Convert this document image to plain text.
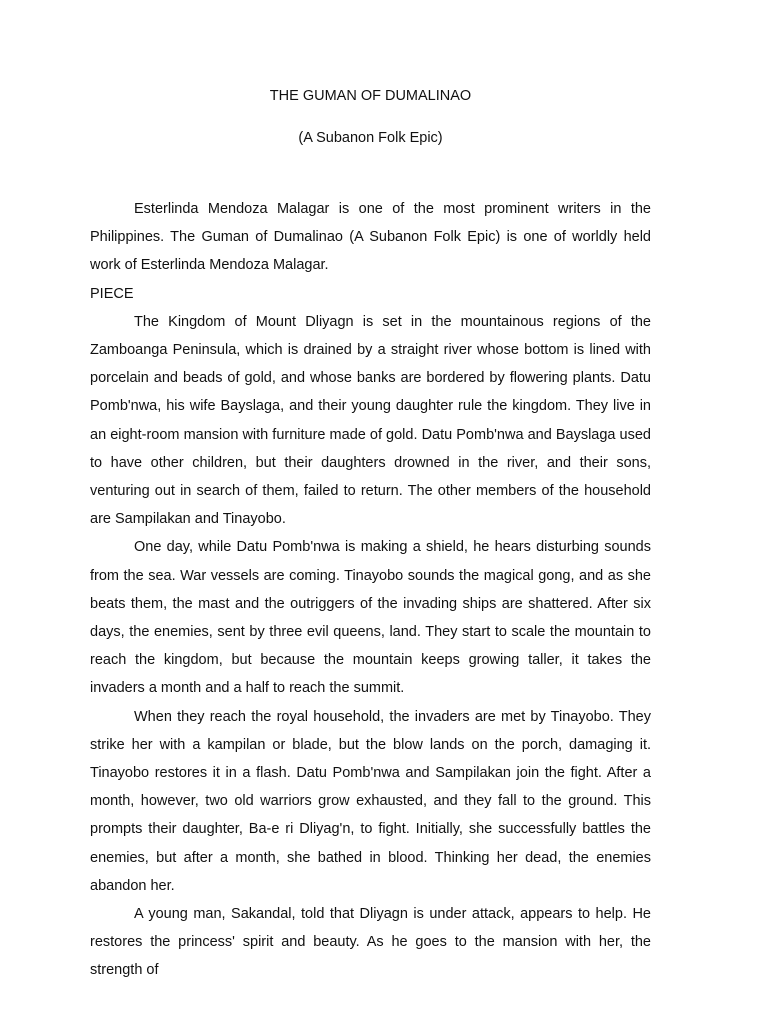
THE GUMAN OF DUMALINAO
(A Subanon Folk Epic)

Esterlinda Mendoza Malagar is one of the most prominent writers in the Philippines. The Guman of Dumalinao (A Subanon Folk Epic) is one of worldly held work of Esterlinda Mendoza Malagar.

PIECE

The Kingdom of Mount Dliyagn is set in the mountainous regions of the Zamboanga Peninsula, which is drained by a straight river whose bottom is lined with porcelain and beads of gold, and whose banks are bordered by flowering plants. Datu Pomb'nwa, his wife Bayslaga, and their young daughter rule the kingdom. They live in an eight-room mansion with furniture made of gold. Datu Pomb'nwa and Bayslaga used to have other children, but their daughters drowned in the river, and their sons, venturing out in search of them, failed to return. The other members of the household are Sampilakan and Tinayobo.

One day, while Datu Pomb'nwa is making a shield, he hears disturbing sounds from the sea. War vessels are coming. Tinayobo sounds the magical gong, and as she beats them, the mast and the outriggers of the invading ships are shattered. After six days, the enemies, sent by three evil queens, land. They start to scale the mountain to reach the kingdom, but because the mountain keeps growing taller, it takes the invaders a month and a half to reach the summit.

When they reach the royal household, the invaders are met by Tinayobo. They strike her with a kampilan or blade, but the blow lands on the porch, damaging it. Tinayobo restores it in a flash. Datu Pomb'nwa and Sampilakan join the fight. After a month, however, two old warriors grow exhausted, and they fall to the ground. This prompts their daughter, Ba-e ri Dliyag'n, to fight. Initially, she successfully battles the enemies, but after a month, she bathed in blood. Thinking her dead, the enemies abandon her.

A young man, Sakandal, told that Dliyagn is under attack, appears to help. He restores the princess' spirit and beauty. As he goes to the mansion with her, the strength of
